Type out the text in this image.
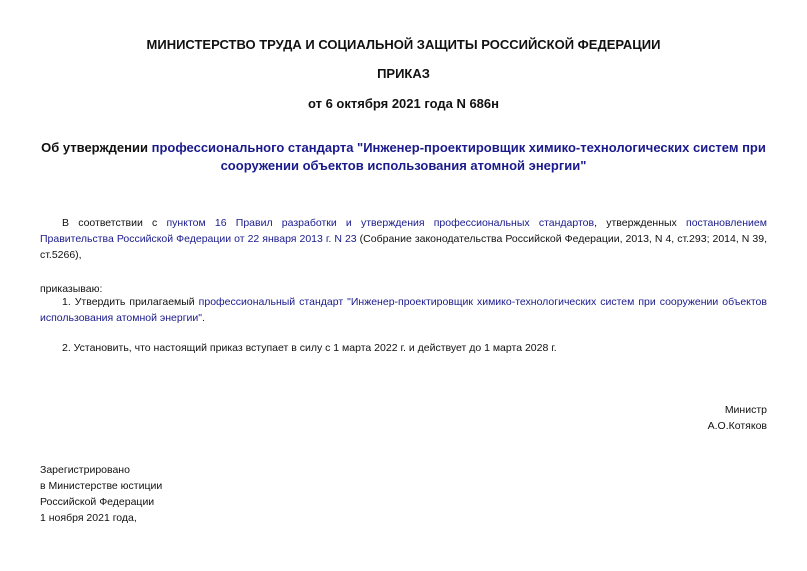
МИНИСТЕРСТВО ТРУДА И СОЦИАЛЬНОЙ ЗАЩИТЫ РОССИЙСКОЙ ФЕДЕРАЦИИ
ПРИКАЗ
от 6 октября 2021 года N 686н
Об утверждении профессионального стандарта "Инженер-проектировщик химико-технологических систем при сооружении объектов использования атомной энергии"
В соответствии с пунктом 16 Правил разработки и утверждения профессиональных стандартов, утвержденных постановлением Правительства Российской Федерации от 22 января 2013 г. N 23 (Собрание законодательства Российской Федерации, 2013, N 4, ст.293; 2014, N 39, ст.5266),
приказываю:
1. Утвердить прилагаемый профессиональный стандарт "Инженер-проектировщик химико-технологических систем при сооружении объектов использования атомной энергии".
2. Установить, что настоящий приказ вступает в силу с 1 марта 2022 г. и действует до 1 марта 2028 г.
Министр
А.О.Котяков
Зарегистрировано
в Министерстве юстиции
Российской Федерации
1 ноября 2021 года,
